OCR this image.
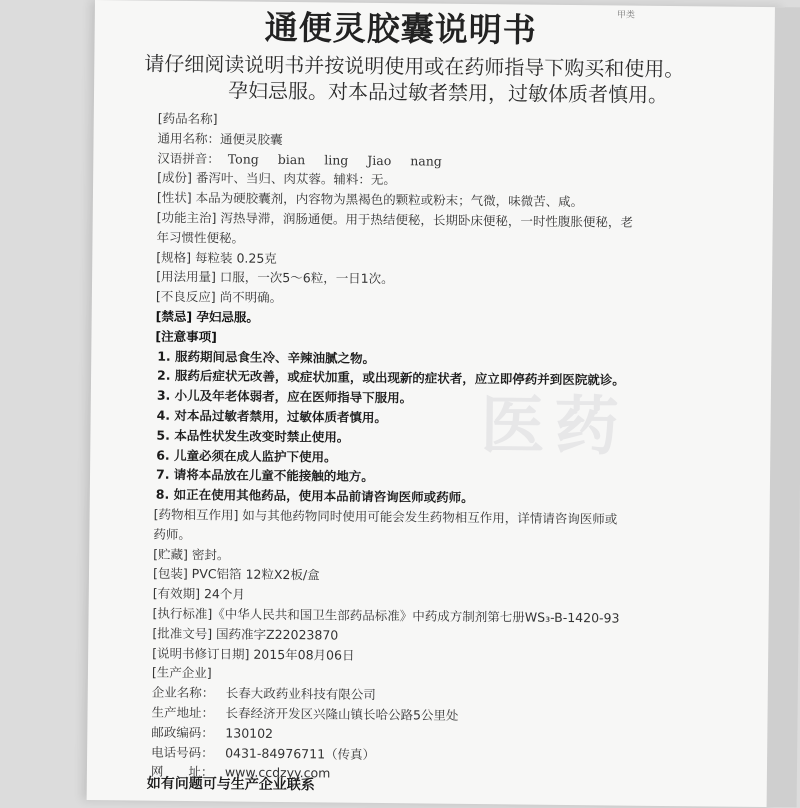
医药
甲类
通便灵胶囊说明书
请仔细阅读说明书并按说明使用或在药师指导下购买和使用。
孕妇忌服。对本品过敏者禁用，过敏体质者慎用。
[药品名称]
通用名称：通便灵胶囊
汉语拼音： Tong bian ling Jiao nang
[成份] 番泻叶、当归、肉苁蓉。辅料：无。
[性状] 本品为硬胶囊剂，内容物为黑褐色的颗粒或粉末；气微，味微苦、咸。
[功能主治] 泻热导滞，润肠通便。用于热结便秘，长期卧床便秘，一时性腹胀便秘，老
年习惯性便秘。
[规格] 每粒装 0.25克
[用法用量] 口服，一次5～6粒，一日1次。
[不良反应] 尚不明确。
[禁忌] 孕妇忌服。
[注意事项]
1. 服药期间忌食生冷、辛辣油腻之物。
2. 服药后症状无改善，或症状加重，或出现新的症状者，应立即停药并到医院就诊。
3. 小儿及年老体弱者，应在医师指导下服用。
4. 对本品过敏者禁用，过敏体质者慎用。
5. 本品性状发生改变时禁止使用。
6. 儿童必须在成人监护下使用。
7. 请将本品放在儿童不能接触的地方。
8. 如正在使用其他药品，使用本品前请咨询医师或药师。
[药物相互作用] 如与其他药物同时使用可能会发生药物相互作用，详情请咨询医师或
药师。
[贮藏] 密封。
[包装] PVC铝箔 12粒X2板/盒
[有效期] 24个月
[执行标准]《中华人民共和国卫生部药品标准》中药成方制剂第七册WS₃-B-1420-93
[批准文号] 国药准字Z22023870
[说明书修订日期] 2015年08月06日
[生产企业]
如有问题可与生产企业联系
企业名称： 长春大政药业科技有限公司
生产地址： 长春经济开发区兴隆山镇长哈公路5公里处
邮政编码： 130102
电话号码： 0431-84976711（传真）
网　　址： www.ccdzyy.com
